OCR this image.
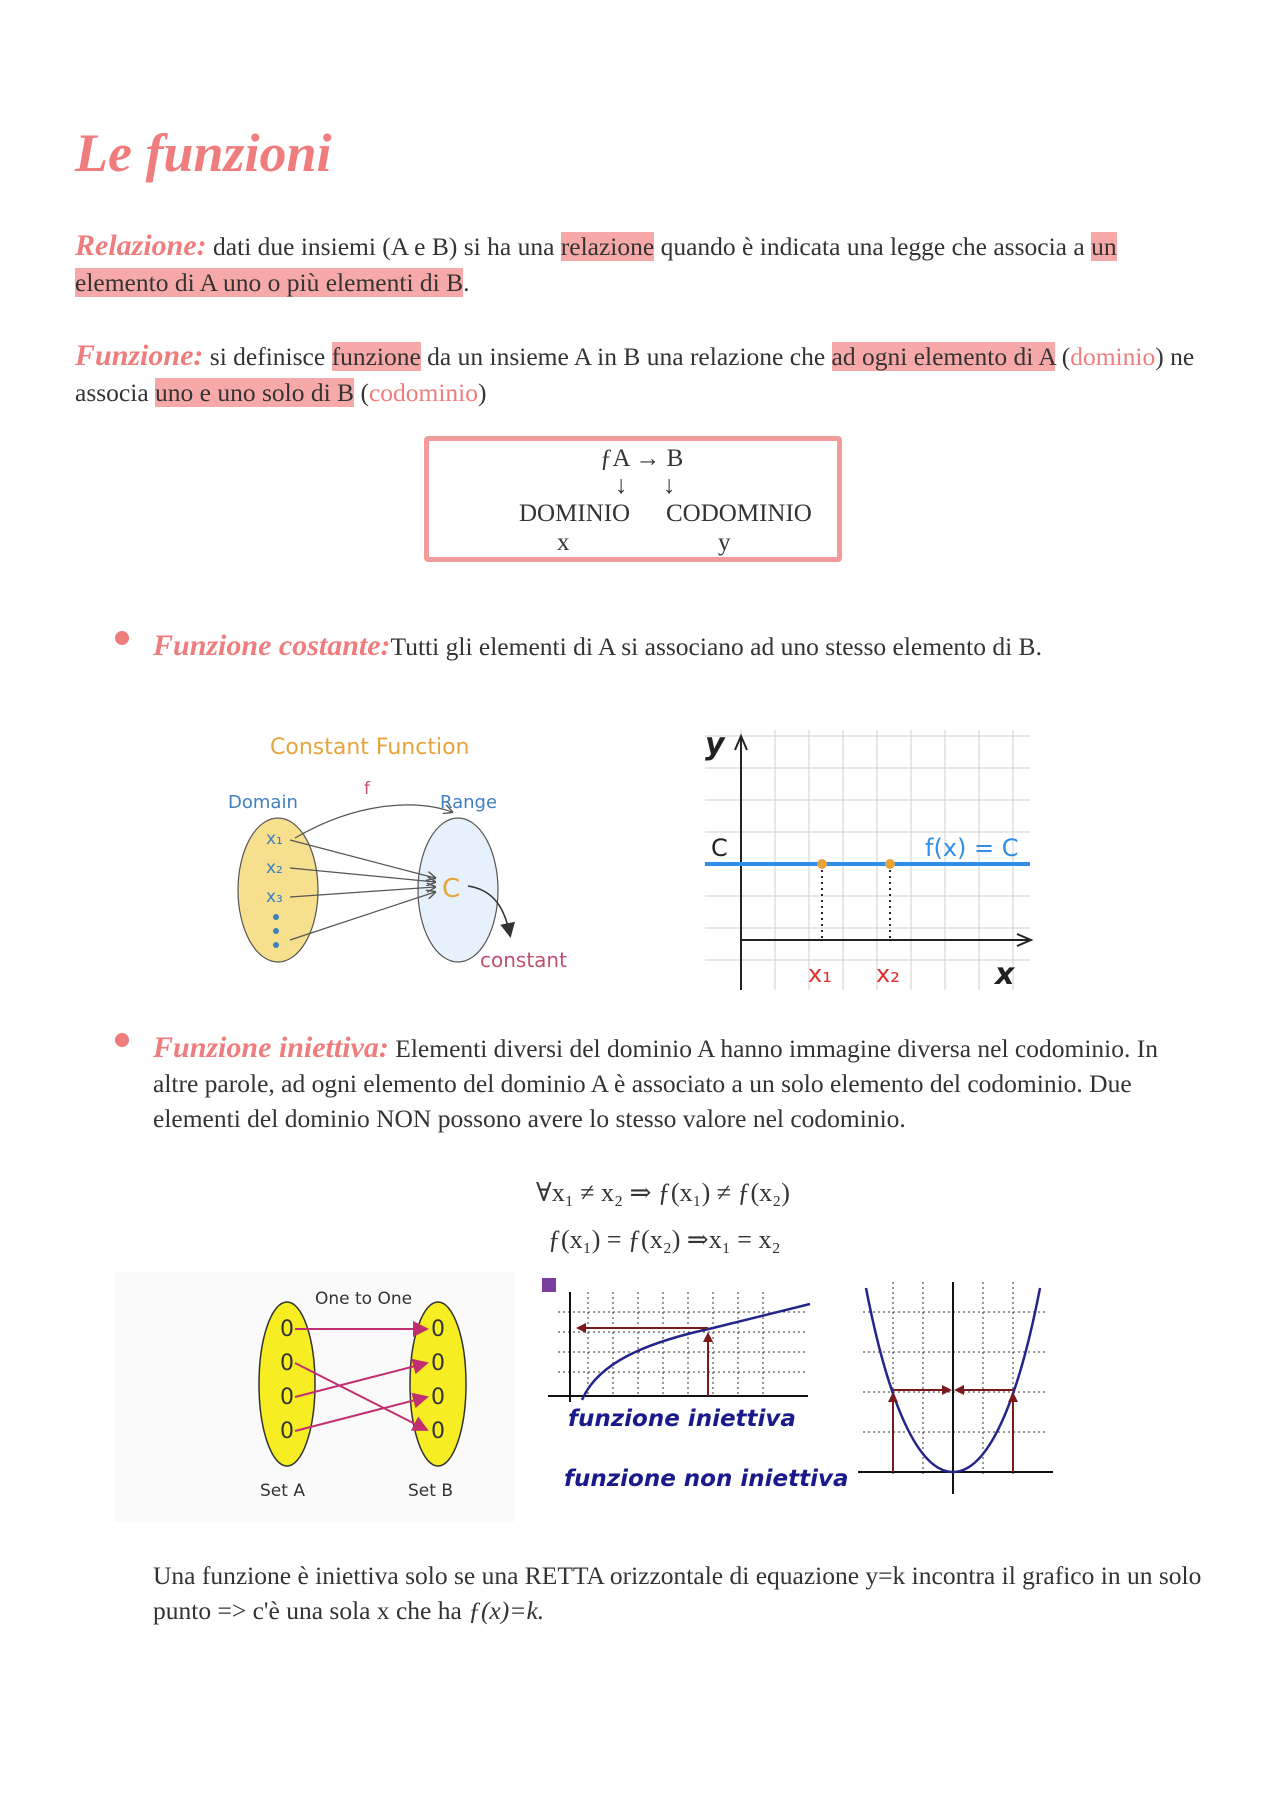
Le funzioni
Relazione: dati due insiemi (A e B) si ha una relazione quando è indicata una legge che associa a un elemento di A uno o più elementi di B.
Funzione: si definisce funzione da un insieme A in B una relazione che ad ogni elemento di A (dominio) ne associa uno e uno solo di B (codominio)
ƒA → B
↓ ↓
DOMINIO CODOMINIO
x	y
Funzione costante:Tutti gli elementi di A si associano ad uno stesso elemento di B.
Constant Function
f
Domain	Range
x₁
x₂
x₃	C
constant
y
x
C	f(x) = C
x₁ x₂
Funzione iniettiva: Elementi diversi del dominio A hanno immagine diversa nel codominio. In altre parole, ad ogni elemento del dominio A è associato a un solo elemento del codominio. Due elementi del dominio NON possono avere lo stesso valore nel codominio.
∀x₁ ≠ x₂ ⇒ ƒ(x₁) ≠ ƒ(x₂)
ƒ(x₁) = ƒ(x₂) ⇒x₁ = x₂
One to One
0
0
0
0
0
0
0
0
Set A	Set B
funzione iniettiva
funzione non iniettiva
Una funzione è iniettiva solo se una RETTA orizzontale di equazione y=k incontra il grafico in un solo punto => c'è una sola x che ha ƒ(x)=k.
